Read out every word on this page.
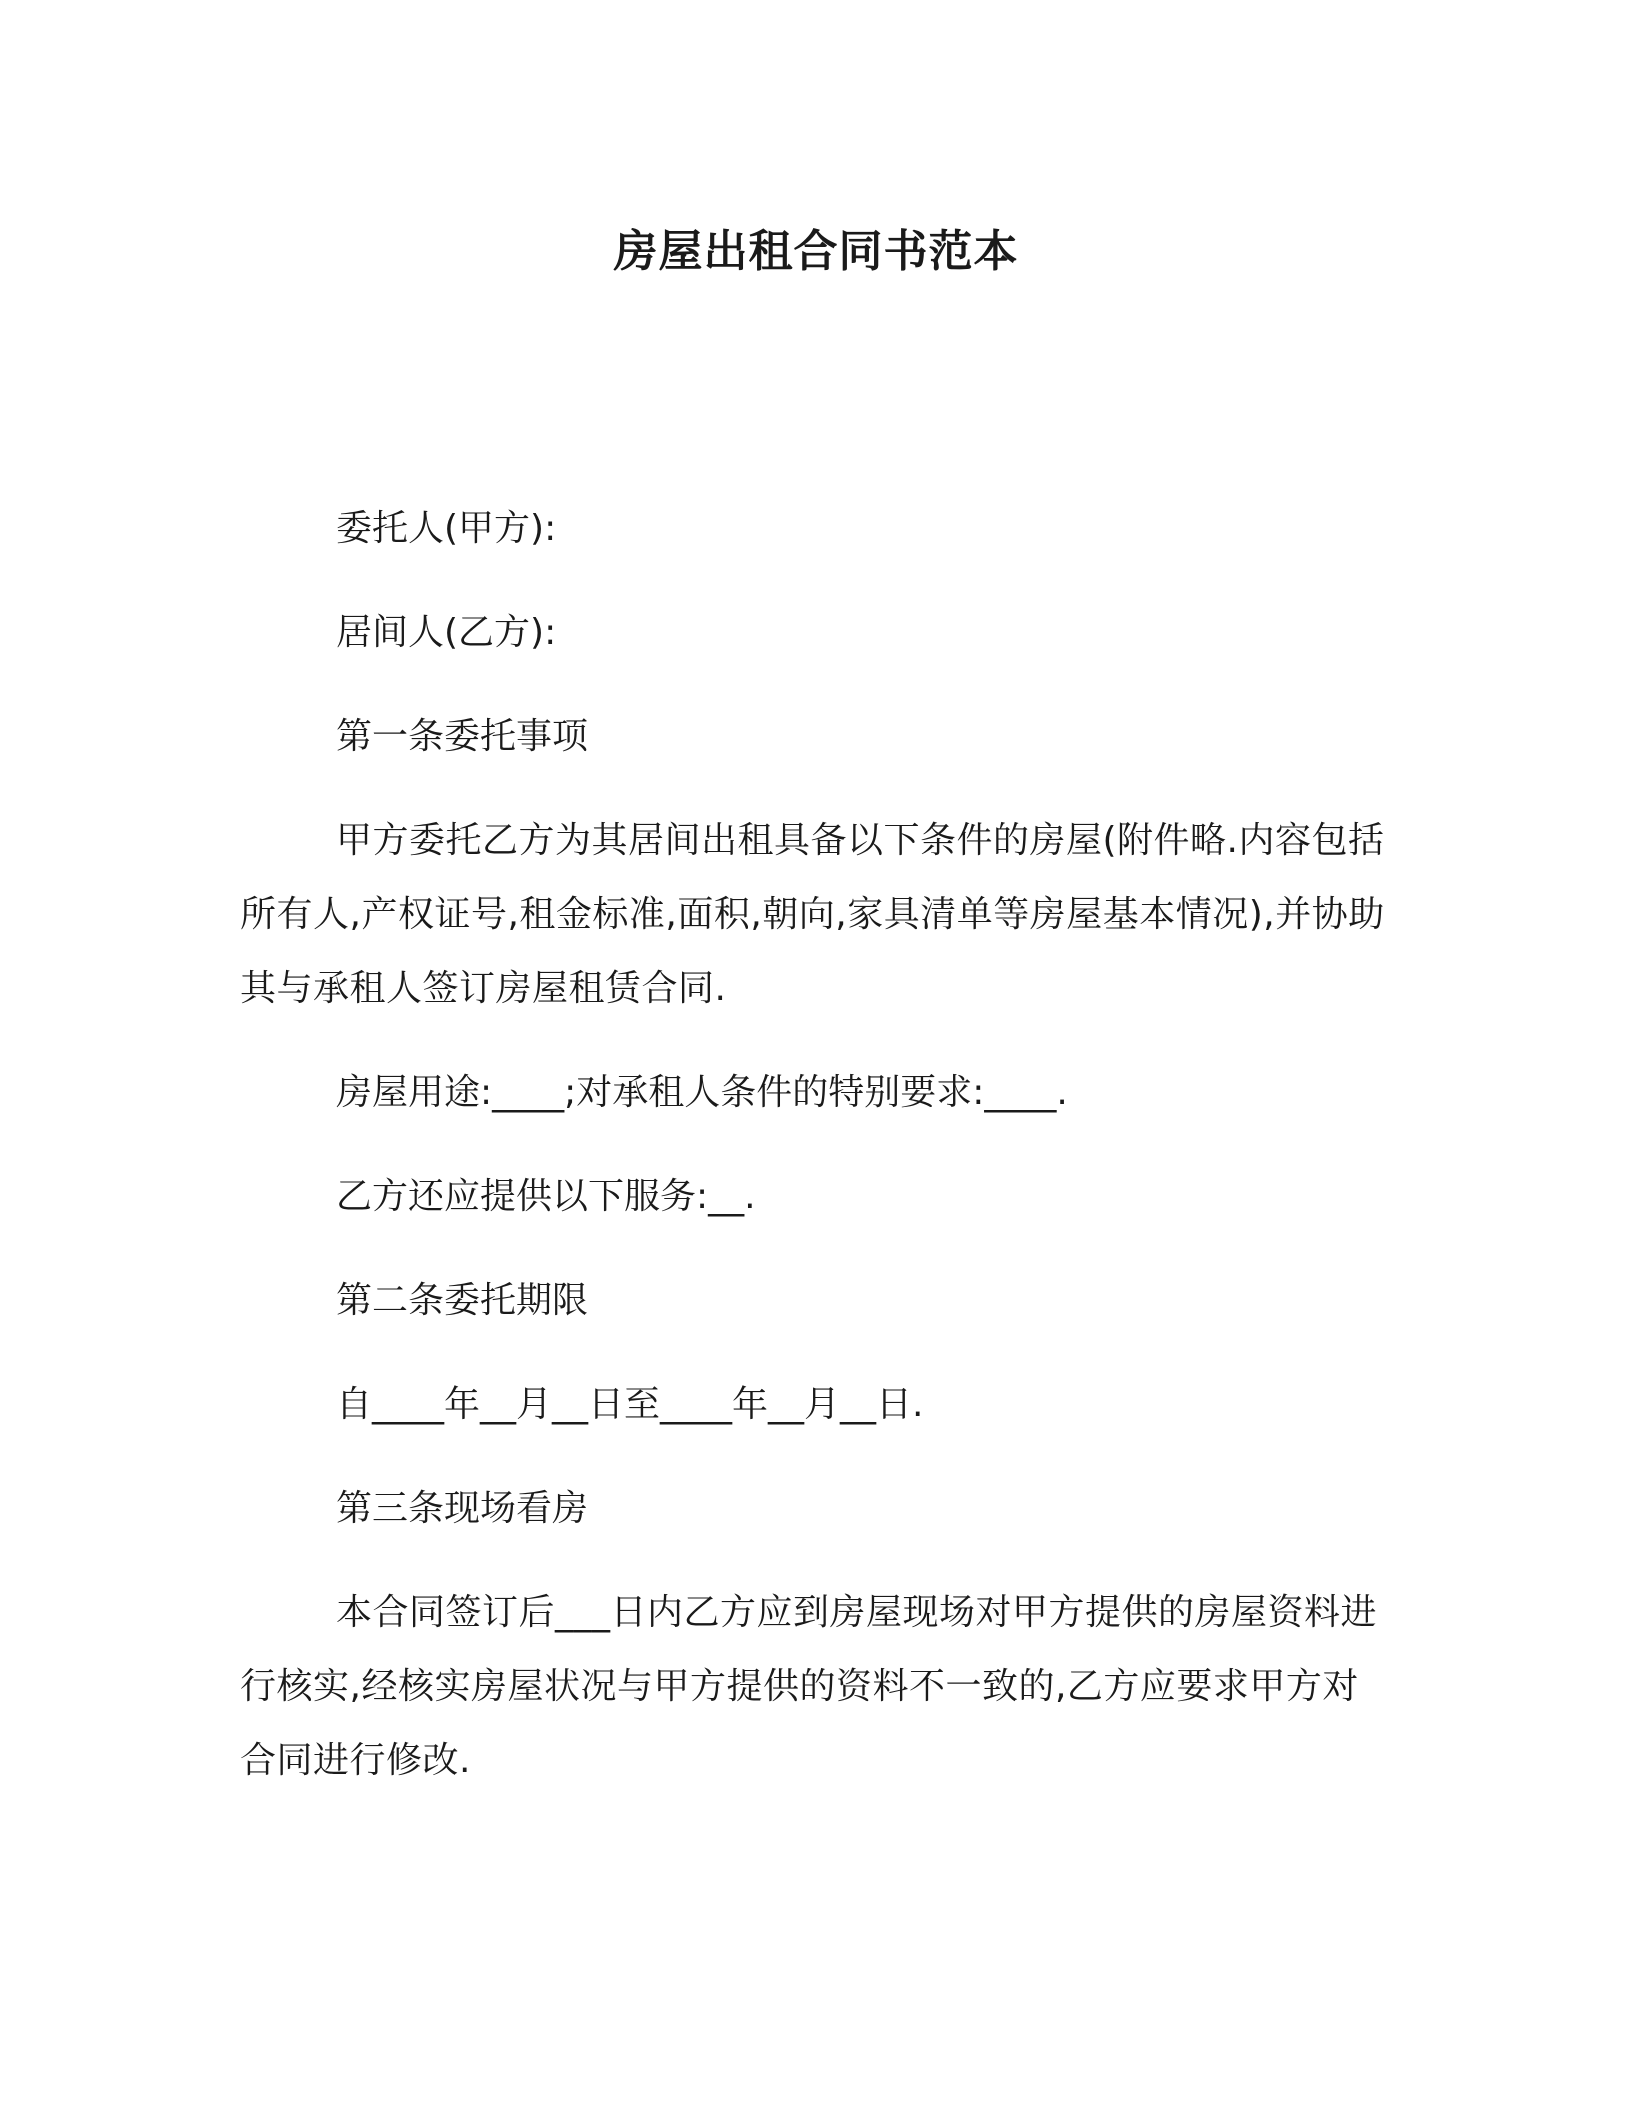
房屋出租合同书范本

委托人(甲方):

居间人(乙方):

第一条委托事项

甲方委托乙方为其居间出租具备以下条件的房屋(附件略.内容包括所有人,产权证号,租金标准,面积,朝向,家具清单等房屋基本情况),并协助其与承租人签订房屋租赁合同.

房屋用途:____;对承租人条件的特别要求:____.

乙方还应提供以下服务:__.

第二条委托期限

自____年__月__日至____年__月__日.

第三条现场看房

本合同签订后___日内乙方应到房屋现场对甲方提供的房屋资料进行核实,经核实房屋状况与甲方提供的资料不一致的,乙方应要求甲方对合同进行修改.
